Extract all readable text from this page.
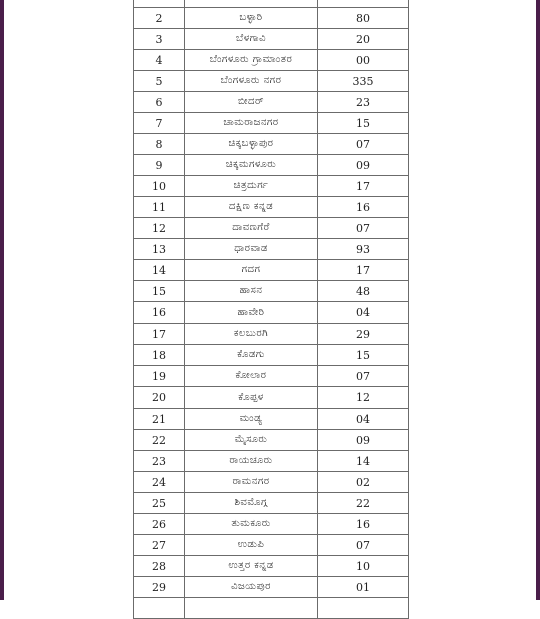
2	ಬಳ್ಳಾರಿ	80
3	ಬೆಳಗಾವಿ	20
4	ಬೆಂಗಳೂರು ಗ್ರಾಮಾಂತರ	00
5	ಬೆಂಗಳೂರು ನಗರ	335
6	ಬೀದರ್	23
7	ಚಾಮರಾಜನಗರ	15
8	ಚಿಕ್ಕಬಳ್ಳಾಪುರ	07
9	ಚಿಕ್ಕಮಗಳೂರು	09
10	ಚಿತ್ರದುರ್ಗ	17
11	ದಕ್ಷಿಣ ಕನ್ನಡ	16
12	ದಾವಣಗೆರೆ	07
13	ಧಾರವಾಡ	93
14	ಗದಗ	17
15	ಹಾಸನ	48
16	ಹಾವೇರಿ	04
17	ಕಲಬುರಗಿ	29
18	ಕೊಡಗು	15
19	ಕೋಲಾರ	07
20	ಕೊಪ್ಪಳ	12
21	ಮಂಡ್ಯ	04
22	ಮೈಸೂರು	09
23	ರಾಯಚೂರು	14
24	ರಾಮನಗರ	02
25	ಶಿವಮೊಗ್ಗ	22
26	ತುಮಕೂರು	16
27	ಉಡುಪಿ	07
28	ಉತ್ತರ ಕನ್ನಡ	10
29	ವಿಜಯಪುರ	01
